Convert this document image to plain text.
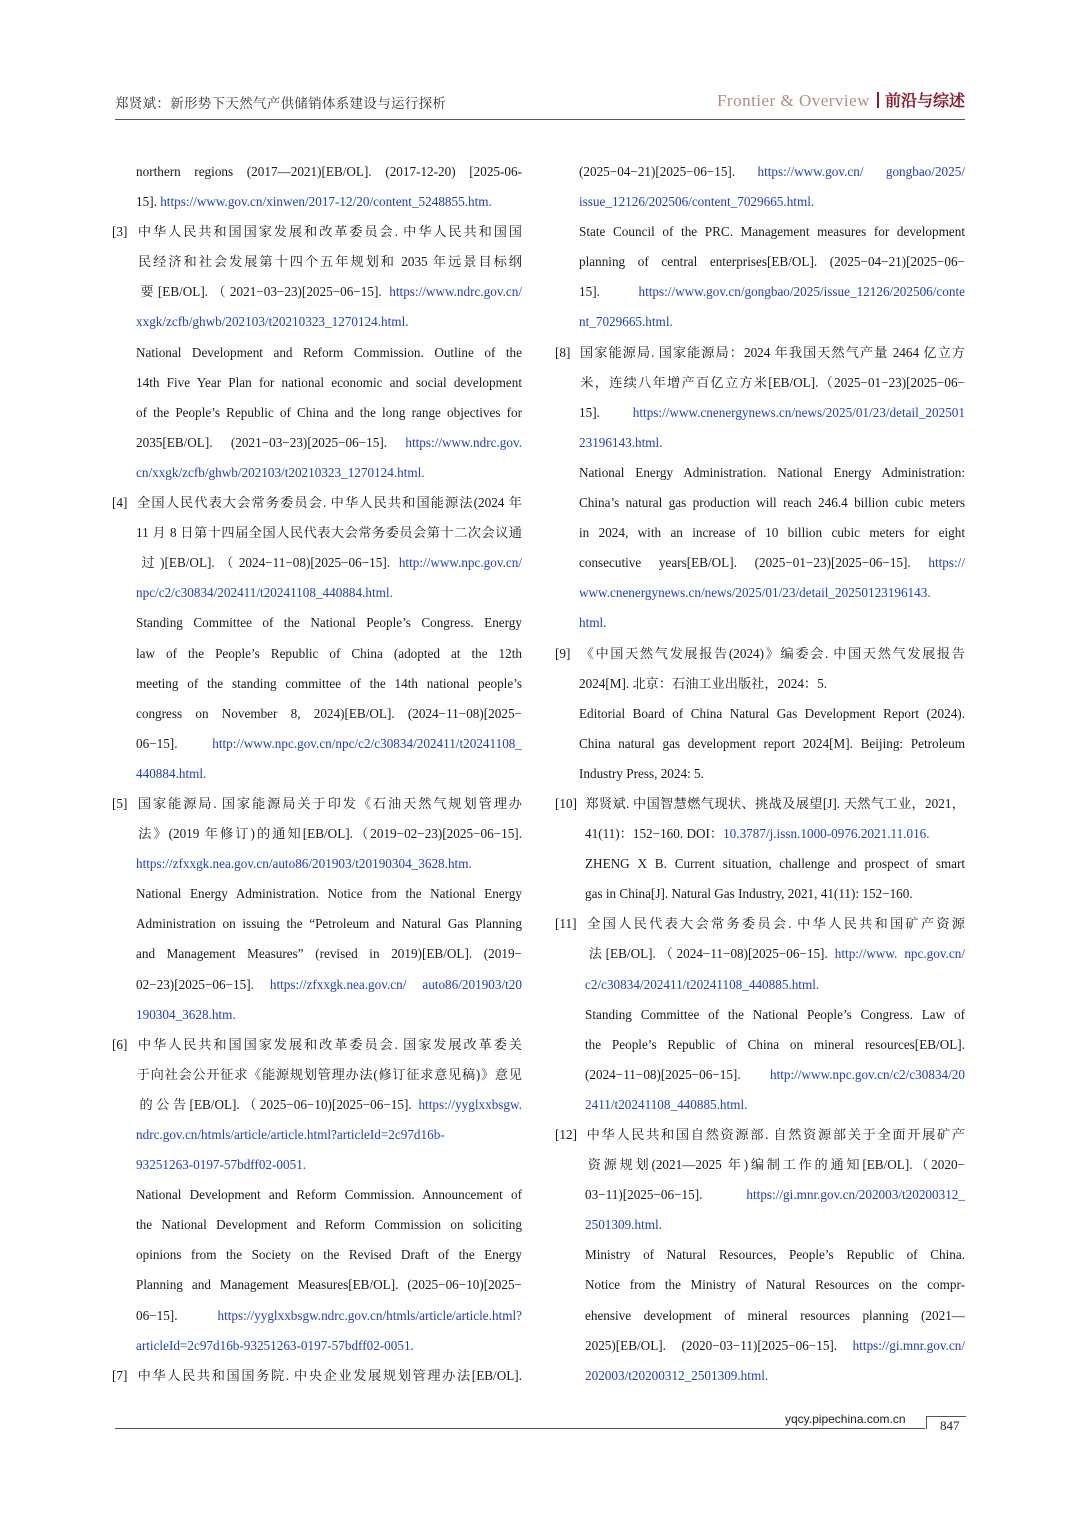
郑贤斌：新形势下天然气产供储销体系建设与运行探析	Frontier & Overview 前沿与综述
northern regions (2017—2021)[EB/OL]. (2017-12-20) [2025-06-
15]. https://www.gov.cn/xinwen/2017-12/20/content_5248855.htm.
[3] 中华人民共和国国家发展和改革委员会. 中华人民共和国国
民经济和社会发展第十四个五年规划和 2035 年远景目标纲
要[EB/OL].（2021−03−23)[2025−06−15]. https://www.ndrc.gov.cn/
xxgk/zcfb/ghwb/202103/t20210323_1270124.html.
National Development and Reform Commission. Outline of the
14th Five Year Plan for national economic and social development
of the People’s Republic of China and the long range objectives for
2035[EB/OL]. (2021−03−23)[2025−06−15]. https://www.ndrc.gov.
cn/xxgk/zcfb/ghwb/202103/t20210323_1270124.html.
[4] 全国人民代表大会常务委员会. 中华人民共和国能源法(2024 年
11 月 8 日第十四届全国人民代表大会常务委员会第十二次会议通
过)[EB/OL].（2024−11−08)[2025−06−15]. http://www.npc.gov.cn/
npc/c2/c30834/202411/t20241108_440884.html.
Standing Committee of the National People’s Congress. Energy
law of the People’s Republic of China (adopted at the 12th
meeting of the standing committee of the 14th national people’s
congress on November 8, 2024)[EB/OL]. (2024−11−08)[2025−
06−15]. http://www.npc.gov.cn/npc/c2/c30834/202411/t20241108_
440884.html.
[5] 国家能源局. 国家能源局关于印发《石油天然气规划管理办
法》(2019 年修订)的通知[EB/OL].（2019−02−23)[2025−06−15].
https://zfxxgk.nea.gov.cn/auto86/201903/t20190304_3628.htm.
National Energy Administration. Notice from the National Energy
Administration on issuing the “Petroleum and Natural Gas Planning
and Management Measures” (revised in 2019)[EB/OL]. (2019−
02−23)[2025−06−15]. https://zfxxgk.nea.gov.cn/ auto86/201903/t20
190304_3628.htm.
[6] 中华人民共和国国家发展和改革委员会. 国家发展改革委关
于向社会公开征求《能源规划管理办法(修订征求意见稿)》意见
的公告[EB/OL].（2025−06−10)[2025−06−15]. https://yyglxxbsgw.
ndrc.gov.cn/htmls/article/article.html?articleId=2c97d16b-
93251263-0197-57bdff02-0051.
National Development and Reform Commission. Announcement of
the National Development and Reform Commission on soliciting
opinions from the Society on the Revised Draft of the Energy
Planning and Management Measures[EB/OL]. (2025−06−10)[2025−
06−15]. https://yyglxxbsgw.ndrc.gov.cn/htmls/article/article.html?
articleId=2c97d16b-93251263-0197-57bdff02-0051.
[7] 中华人民共和国国务院. 中央企业发展规划管理办法[EB/OL].
(2025−04−21)[2025−06−15]. https://www.gov.cn/ gongbao/2025/
issue_12126/202506/content_7029665.html.
State Council of the PRC. Management measures for development
planning of central enterprises[EB/OL]. (2025−04−21)[2025−06−
15]. https://www.gov.cn/gongbao/2025/issue_12126/202506/conte
nt_7029665.html.
[8] 国家能源局. 国家能源局：2024 年我国天然气产量 2464 亿立方
米，连续八年增产百亿立方米[EB/OL].（2025−01−23)[2025−06−
15]. https://www.cnenergynews.cn/news/2025/01/23/detail_202501
23196143.html.
National Energy Administration. National Energy Administration:
China’s natural gas production will reach 246.4 billion cubic meters
in 2024, with an increase of 10 billion cubic meters for eight
consecutive years[EB/OL]. (2025−01−23)[2025−06−15]. https://
www.cnenergynews.cn/news/2025/01/23/detail_20250123196143.
html.
[9] 《中国天然气发展报告(2024)》编委会. 中国天然气发展报告
2024[M]. 北京：石油工业出版社，2024：5.
Editorial Board of China Natural Gas Development Report (2024).
China natural gas development report 2024[M]. Beijing: Petroleum
Industry Press, 2024: 5.
[10] 郑贤斌. 中国智慧燃气现状、挑战及展望[J]. 天然气工业，2021，
41(11)：152−160. DOI：10.3787/j.issn.1000-0976.2021.11.016.
ZHENG X B. Current situation, challenge and prospect of smart
gas in China[J]. Natural Gas Industry, 2021, 41(11): 152−160.
[11] 全国人民代表大会常务委员会. 中华人民共和国矿产资源
法[EB/OL].（2024−11−08)[2025−06−15]. http://www. npc.gov.cn/
c2/c30834/202411/t20241108_440885.html.
Standing Committee of the National People’s Congress. Law of
the People’s Republic of China on mineral resources[EB/OL].
(2024−11−08)[2025−06−15]. http://www.npc.gov.cn/c2/c30834/20
2411/t20241108_440885.html.
[12] 中华人民共和国自然资源部. 自然资源部关于全面开展矿产
资源规划(2021—2025 年)编制工作的通知[EB/OL].（2020−
03−11)[2025−06−15]. https://gi.mnr.gov.cn/202003/t20200312_
2501309.html.
Ministry of Natural Resources, People’s Republic of China.
Notice from the Ministry of Natural Resources on the compr-
ehensive development of mineral resources planning (2021—
2025)[EB/OL]. (2020−03−11)[2025−06−15]. https://gi.mnr.gov.cn/
202003/t20200312_2501309.html.
yqcy.pipechina.com.cn	847
